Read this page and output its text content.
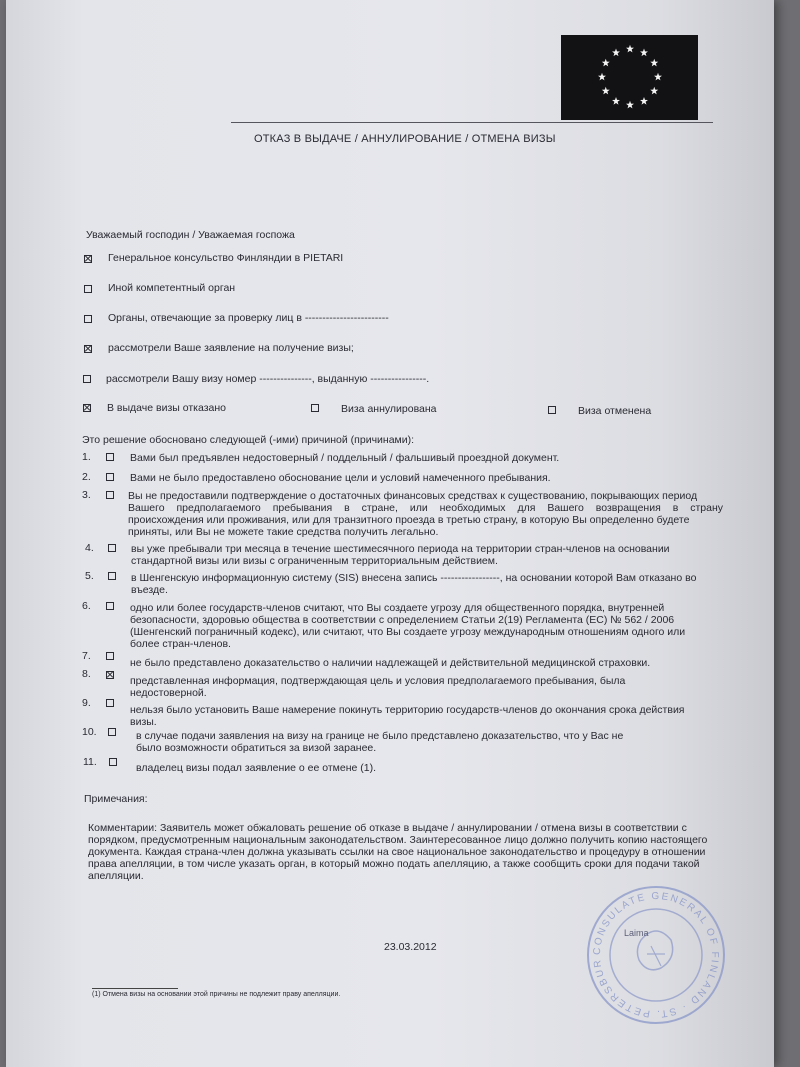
ОТКАЗ В ВЫДАЧЕ / АННУЛИРОВАНИЕ / ОТМЕНА ВИЗЫ
Уважаемый господин / Уважаемая госпожа
Генеральное консульство Финляндии в PIETARI
Иной компетентный орган
Органы, отвечающие за проверку лиц в ------------------------
рассмотрели Ваше заявление на получение визы;
рассмотрели Вашу визу номер ---------------, выданную ----------------.
В выдаче визы отказано	Виза аннулирована	Виза отменена
Это решение обосновано следующей (-ими) причиной (причинами):
1.	Вами был предъявлен недостоверный / поддельный / фальшивый проездной документ.
2.	Вами не было предоставлено обоснование цели и условий намеченного пребывания.
3.	Вы не предоставили подтверждение о достаточных финансовых средствах к существованию, покрывающих период
Вашего предполагаемого пребывания в стране, или необходимых для Вашего возвращения в страну
происхождения или проживания, или для транзитного проезда в третью страну, в которую Вы определенно будете
приняты, или Вы не можете такие средства получить легально.
4.	вы уже пребывали три месяца в течение шестимесячного периода на территории стран-членов на основании
стандартной визы или визы с ограниченным территориальным действием.
5.	в Шенгенскую информационную систему (SIS) внесена запись -----------------, на основании которой Вам отказано во
въезде.
6.	одно или более государств-членов считают, что Вы создаете угрозу для общественного порядка, внутренней
безопасности, здоровью общества в соответствии с определением Статьи 2(19) Регламента (EC) № 562 / 2006
(Шенгенский пограничный кодекс), или считают, что Вы создаете угрозу международным отношениям одного или
более стран-членов.
7.
не было представлено доказательство о наличии надлежащей и действительной медицинской страховки.
8.
представленная информация, подтверждающая цель и условия предполагаемого пребывания, была
недостоверной.
9.
нельзя было установить Ваше намерение покинуть территорию государств-членов до окончания срока действия
визы.
10.	в случае подачи заявления на визу на границе не было представлено доказательство, что у Вас не
было возможности обратиться за визой заранее.
11.	владелец визы подал заявление о ее отмене (1).
Примечания:
Комментарии: Заявитель может обжаловать решение об отказе в выдаче / аннулировании / отмена визы в соответствии с
порядком, предусмотренным национальным законодательством. Заинтересованное лицо должно получить копию настоящего
документа. Каждая страна-член должна указывать ссылки на свое национальное законодательство и процедуру в отношении
права апелляции, в том числе указать орган, в который можно подать апелляцию, а также сообщить сроки для подачи такой
апелляции.
CONSULATE GENERAL OF FINLAND · ST. PETERSBUR
Laima
23.03.2012
(1) Отмена визы на основании этой причины не подлежит праву апелляции.
